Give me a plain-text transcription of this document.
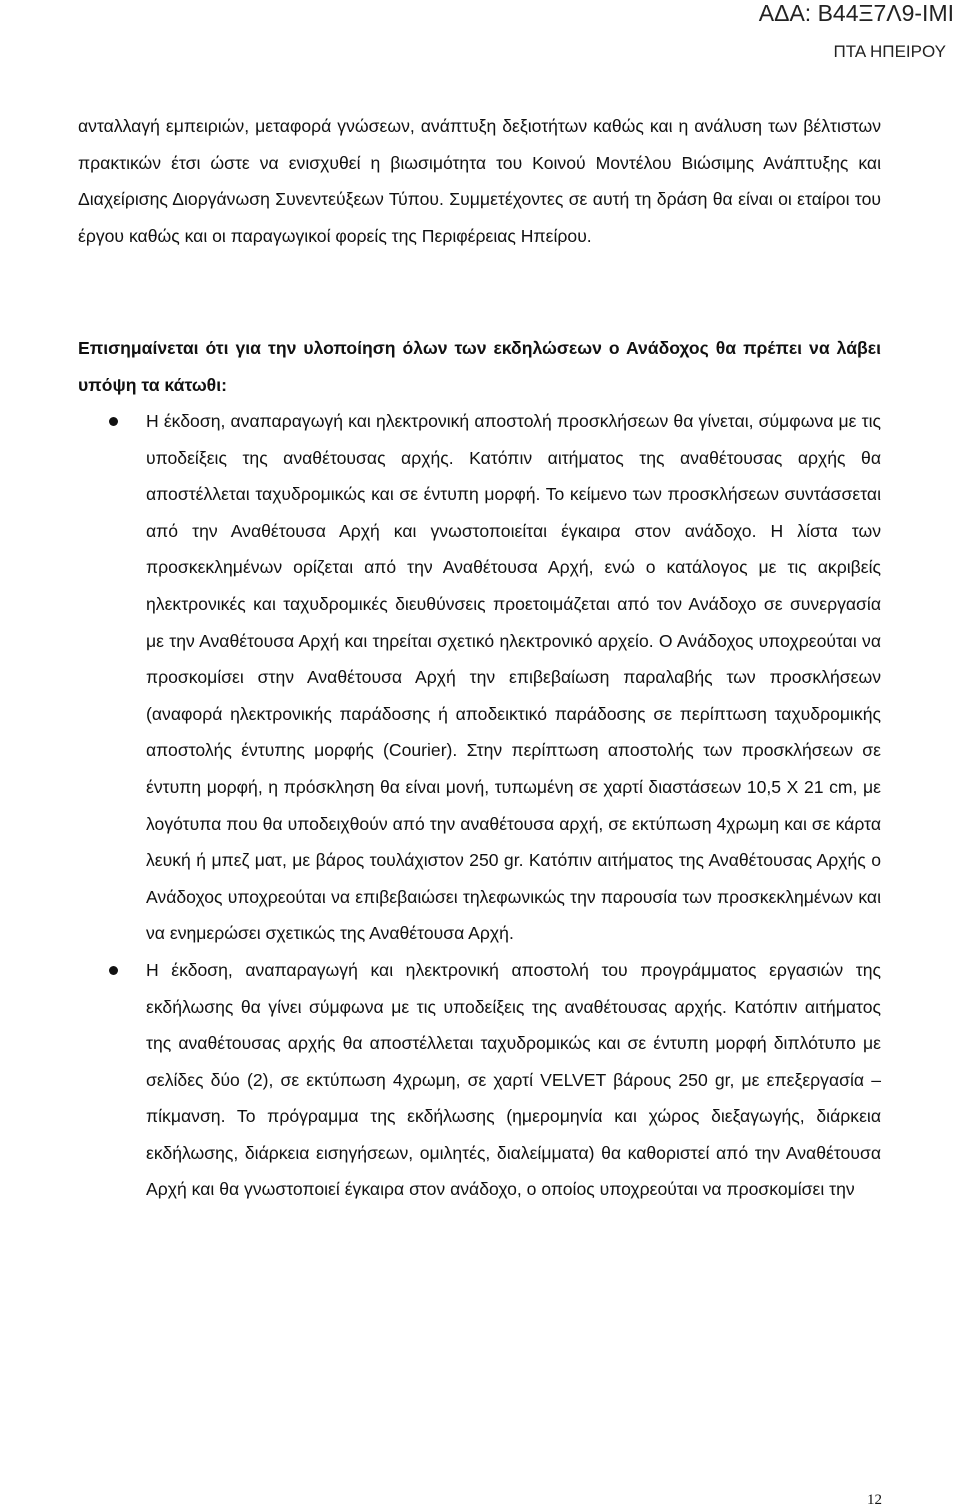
ΑΔΑ: Β44Ξ7Λ9-ΙΜΙ
ΠΤΑ ΗΠΕΙΡΟΥ

ανταλλαγή εμπειριών, μεταφορά γνώσεων, ανάπτυξη δεξιοτήτων καθώς και η ανάλυση των βέλτιστων πρακτικών έτσι ώστε να ενισχυθεί η βιωσιμότητα του Κοινού Μοντέλου Βιώσιμης Ανάπτυξης και Διαχείρισης Διοργάνωση Συνεντεύξεων Τύπου. Συμμετέχοντες σε αυτή τη δράση θα είναι οι εταίροι του έργου καθώς και οι παραγωγικοί φορείς της Περιφέρειας Ηπείρου.

Επισημαίνεται ότι για την υλοποίηση όλων των εκδηλώσεων ο Ανάδοχος θα πρέπει να λάβει υπόψη τα κάτωθι:

Η έκδοση, αναπαραγωγή και ηλεκτρονική αποστολή προσκλήσεων θα γίνεται, σύμφωνα με τις υποδείξεις της αναθέτουσας αρχής. Κατόπιν αιτήματος της αναθέτουσας αρχής θα αποστέλλεται ταχυδρομικώς και σε έντυπη μορφή. Το κείμενο των προσκλήσεων συντάσσεται από την Αναθέτουσα Αρχή και γνωστοποιείται έγκαιρα στον ανάδοχο. Η λίστα των προσκεκλημένων ορίζεται από την Αναθέτουσα Αρχή, ενώ ο κατάλογος με τις ακριβείς ηλεκτρονικές και ταχυδρομικές διευθύνσεις προετοιμάζεται από τον Ανάδοχο σε συνεργασία με την Αναθέτουσα Αρχή και τηρείται σχετικό ηλεκτρονικό αρχείο. Ο Ανάδοχος υποχρεούται να προσκομίσει στην Αναθέτουσα Αρχή την επιβεβαίωση παραλαβής των προσκλήσεων (αναφορά ηλεκτρονικής παράδοσης ή αποδεικτικό παράδοσης σε περίπτωση ταχυδρομικής αποστολής έντυπης μορφής (Courier). Στην περίπτωση αποστολής των προσκλήσεων σε έντυπη μορφή, η πρόσκληση θα είναι μονή, τυπωμένη σε χαρτί διαστάσεων 10,5 Χ 21 cm, με λογότυπα που θα υποδειχθούν από την αναθέτουσα αρχή, σε εκτύπωση 4χρωμη και σε κάρτα λευκή ή μπεζ ματ, με βάρος τουλάχιστον 250 gr. Κατόπιν αιτήματος της Αναθέτουσας Αρχής ο Ανάδοχος υποχρεούται να επιβεβαιώσει τηλεφωνικώς την παρουσία των προσκεκλημένων και να ενημερώσει σχετικώς της Αναθέτουσα Αρχή.
Η έκδοση, αναπαραγωγή και ηλεκτρονική αποστολή του προγράμματος εργασιών της εκδήλωσης θα γίνει σύμφωνα με τις υποδείξεις της αναθέτουσας αρχής. Κατόπιν αιτήματος της αναθέτουσας αρχής θα αποστέλλεται ταχυδρομικώς και σε έντυπη μορφή διπλότυπο με σελίδες δύο (2), σε εκτύπωση 4χρωμη, σε χαρτί VELVET βάρους 250 gr, με επεξεργασία – πίκμανση. Το πρόγραμμα της εκδήλωσης (ημερομηνία και χώρος διεξαγωγής, διάρκεια εκδήλωσης, διάρκεια εισηγήσεων, ομιλητές, διαλείμματα) θα καθοριστεί από την Αναθέτουσα Αρχή και θα γνωστοποιεί έγκαιρα στον ανάδοχο, ο οποίος υποχρεούται να προσκομίσει την
12
